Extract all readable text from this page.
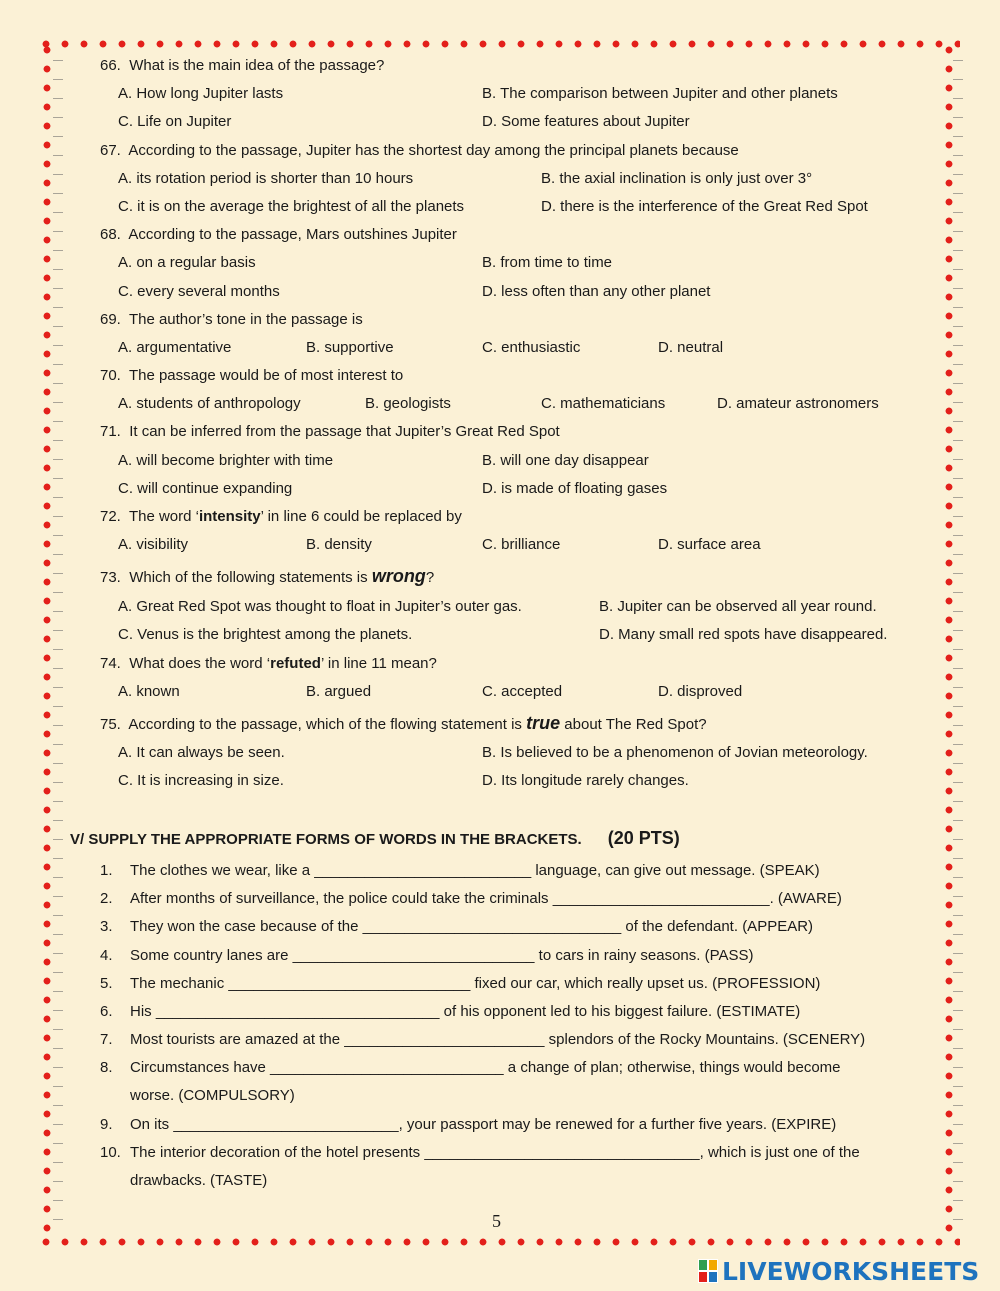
66. What is the main idea of the passage?
A. How long Jupiter lasts	B. The comparison between Jupiter and other planets
C. Life on Jupiter	D. Some features about Jupiter
67. According to the passage, Jupiter has the shortest day among the principal planets because
A. its rotation period is shorter than 10 hours	B. the axial inclination is only just over 3°
C. it is on the average the brightest of all the planets	D. there is the interference of the Great Red Spot
68. According to the passage, Mars outshines Jupiter
A. on a regular basis	B. from time to time
C. every several months	D. less often than any other planet
69. The author’s tone in the passage is
A. argumentative	B. supportive	C. enthusiastic	D. neutral
70. The passage would be of most interest to
A. students of anthropology	B. geologists	C. mathematicians	D. amateur astronomers
71. It can be inferred from the passage that Jupiter’s Great Red Spot
A. will become brighter with time	B. will one day disappear
C. will continue expanding	D. is made of floating gases
72. The word ‘intensity’ in line 6 could be replaced by
A. visibility	B. density	C. brilliance	D. surface area
73. Which of the following statements is wrong?
A. Great Red Spot was thought to float in Jupiter’s outer gas.	B. Jupiter can be observed all year round.
C. Venus is the brightest among the planets.	D. Many small red spots have disappeared.
74. What does the word ‘refuted’ in line 11 mean?
A. known	B. argued	C. accepted	D. disproved
75. According to the passage, which of the flowing statement is true about The Red Spot?
A. It can always be seen.	B. Is believed to be a phenomenon of Jovian meteorology.
C. It is increasing in size.	D. Its longitude rarely changes.
V/ SUPPLY THE APPROPRIATE FORMS OF WORDS IN THE BRACKETS. (20 PTS)
1. The clothes we wear, like a __________________________ language, can give out message. (SPEAK)
2. After months of surveillance, the police could take the criminals __________________________. (AWARE)
3. They won the case because of the _______________________________ of the defendant. (APPEAR)
4. Some country lanes are _____________________________ to cars in rainy seasons. (PASS)
5. The mechanic _____________________________ fixed our car, which really upset us. (PROFESSION)
6. His __________________________________ of his opponent led to his biggest failure. (ESTIMATE)
7. Most tourists are amazed at the ________________________ splendors of the Rocky Mountains. (SCENERY)
8. Circumstances have ____________________________ a change of plan; otherwise, things would become
worse. (COMPULSORY)
9. On its ___________________________, your passport may be renewed for a further five years. (EXPIRE)
10. The interior decoration of the hotel presents _________________________________, which is just one of the
drawbacks. (TASTE)
5
LIVEWORKSHEETS
